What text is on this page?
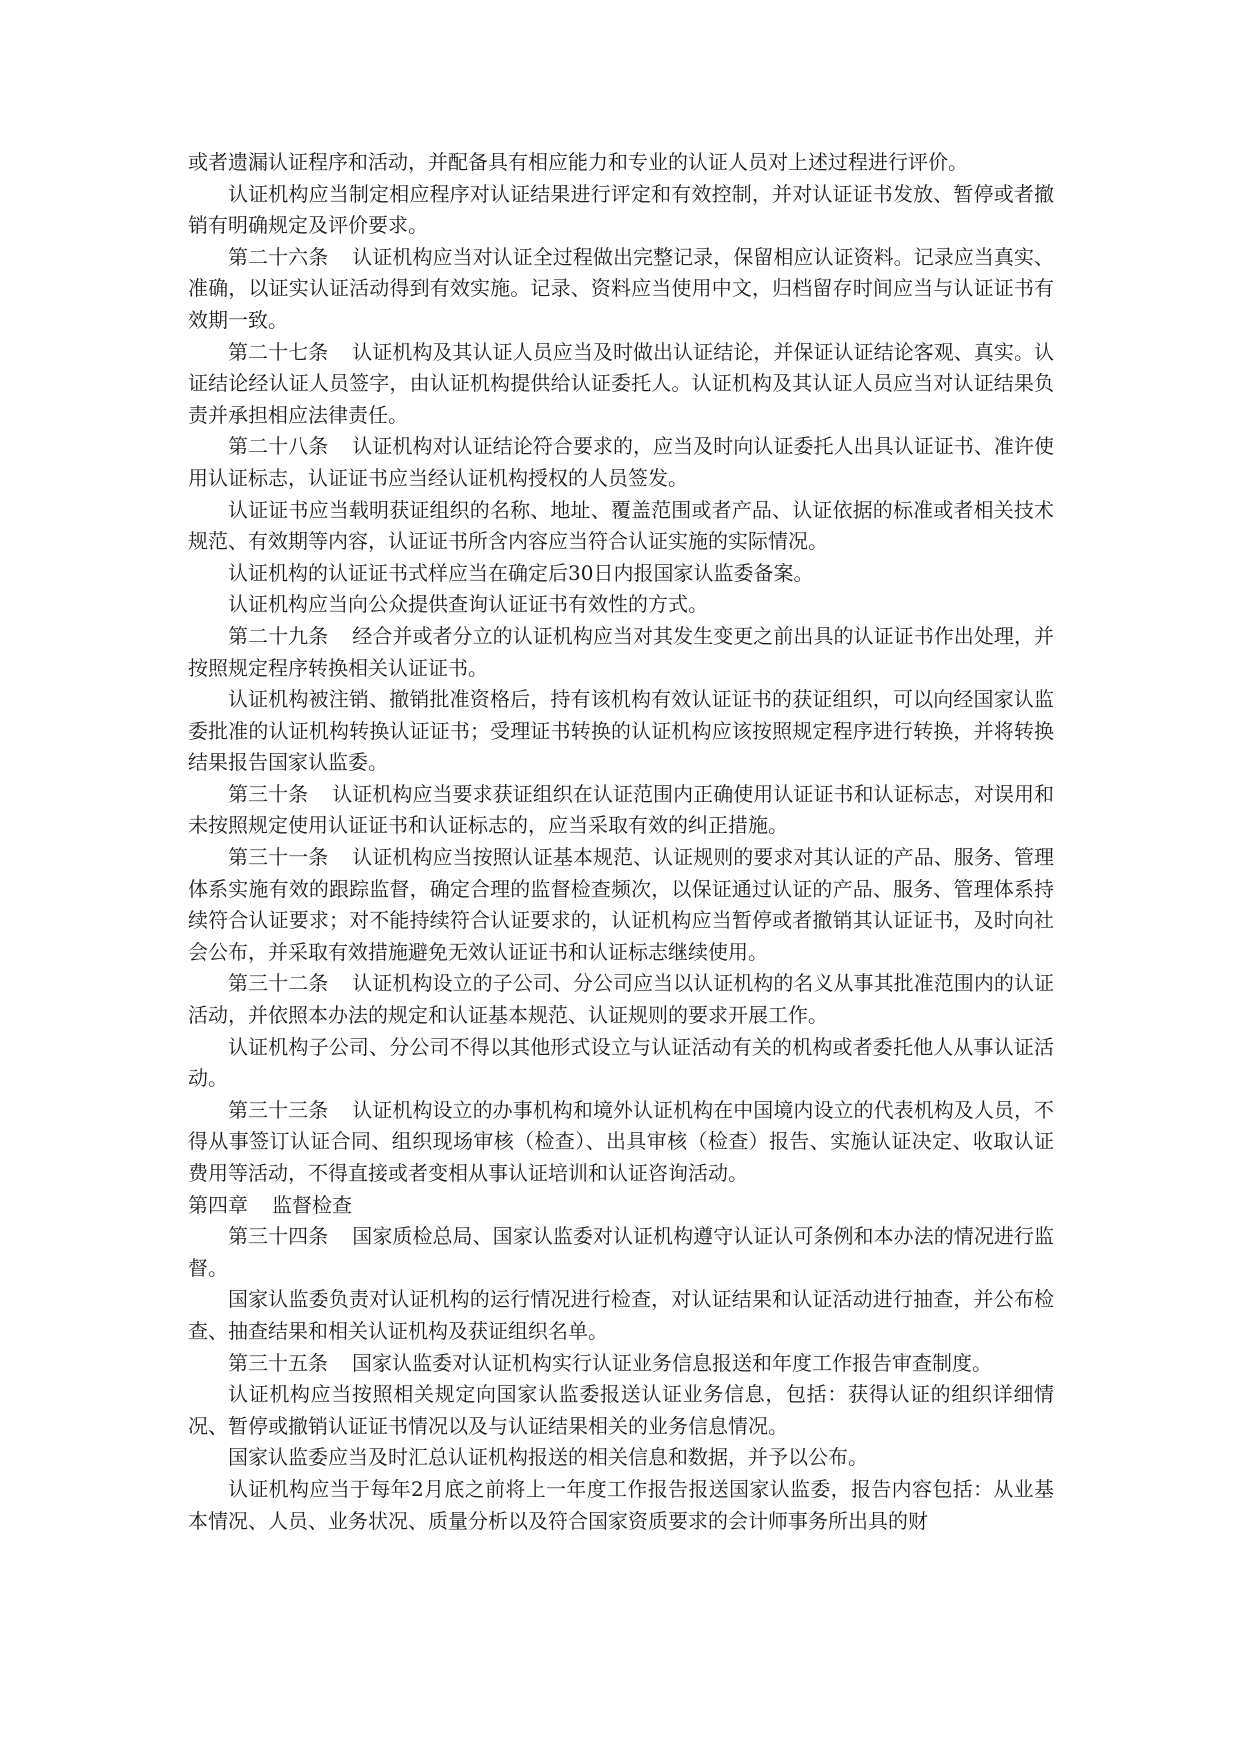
或者遗漏认证程序和活动，并配备具有相应能力和专业的认证人员对上述过程进行评价。

认证机构应当制定相应程序对认证结果进行评定和有效控制，并对认证证书发放、暂停或者撤销有明确规定及评价要求。

第二十六条 认证机构应当对认证全过程做出完整记录，保留相应认证资料。记录应当真实、准确，以证实认证活动得到有效实施。记录、资料应当使用中文，归档留存时间应当与认证证书有效期一致。

第二十七条 认证机构及其认证人员应当及时做出认证结论，并保证认证结论客观、真实。认证结论经认证人员签字，由认证机构提供给认证委托人。认证机构及其认证人员应当对认证结果负责并承担相应法律责任。

第二十八条 认证机构对认证结论符合要求的，应当及时向认证委托人出具认证证书、准许使用认证标志，认证证书应当经认证机构授权的人员签发。

认证证书应当载明获证组织的名称、地址、覆盖范围或者产品、认证依据的标准或者相关技术规范、有效期等内容，认证证书所含内容应当符合认证实施的实际情况。

认证机构的认证证书式样应当在确定后30日内报国家认监委备案。

认证机构应当向公众提供查询认证证书有效性的方式。

第二十九条 经合并或者分立的认证机构应当对其发生变更之前出具的认证证书作出处理，并按照规定程序转换相关认证证书。

认证机构被注销、撤销批准资格后，持有该机构有效认证证书的获证组织，可以向经国家认监委批准的认证机构转换认证证书；受理证书转换的认证机构应该按照规定程序进行转换，并将转换结果报告国家认监委。

第三十条 认证机构应当要求获证组织在认证范围内正确使用认证证书和认证标志，对误用和未按照规定使用认证证书和认证标志的，应当采取有效的纠正措施。

第三十一条 认证机构应当按照认证基本规范、认证规则的要求对其认证的产品、服务、管理体系实施有效的跟踪监督，确定合理的监督检查频次，以保证通过认证的产品、服务、管理体系持续符合认证要求；对不能持续符合认证要求的，认证机构应当暂停或者撤销其认证证书，及时向社会公布，并采取有效措施避免无效认证证书和认证标志继续使用。

第三十二条 认证机构设立的子公司、分公司应当以认证机构的名义从事其批准范围内的认证活动，并依照本办法的规定和认证基本规范、认证规则的要求开展工作。

认证机构子公司、分公司不得以其他形式设立与认证活动有关的机构或者委托他人从事认证活动。

第三十三条 认证机构设立的办事机构和境外认证机构在中国境内设立的代表机构及人员，不得从事签订认证合同、组织现场审核（检查）、出具审核（检查）报告、实施认证决定、收取认证费用等活动，不得直接或者变相从事认证培训和认证咨询活动。

第四章 监督检查

第三十四条 国家质检总局、国家认监委对认证机构遵守认证认可条例和本办法的情况进行监督。

国家认监委负责对认证机构的运行情况进行检查，对认证结果和认证活动进行抽查，并公布检查、抽查结果和相关认证机构及获证组织名单。

第三十五条 国家认监委对认证机构实行认证业务信息报送和年度工作报告审查制度。

认证机构应当按照相关规定向国家认监委报送认证业务信息，包括：获得认证的组织详细情况、暂停或撤销认证证书情况以及与认证结果相关的业务信息情况。

国家认监委应当及时汇总认证机构报送的相关信息和数据，并予以公布。

认证机构应当于每年2月底之前将上一年度工作报告报送国家认监委，报告内容包括：从业基本情况、人员、业务状况、质量分析以及符合国家资质要求的会计师事务所出具的财
